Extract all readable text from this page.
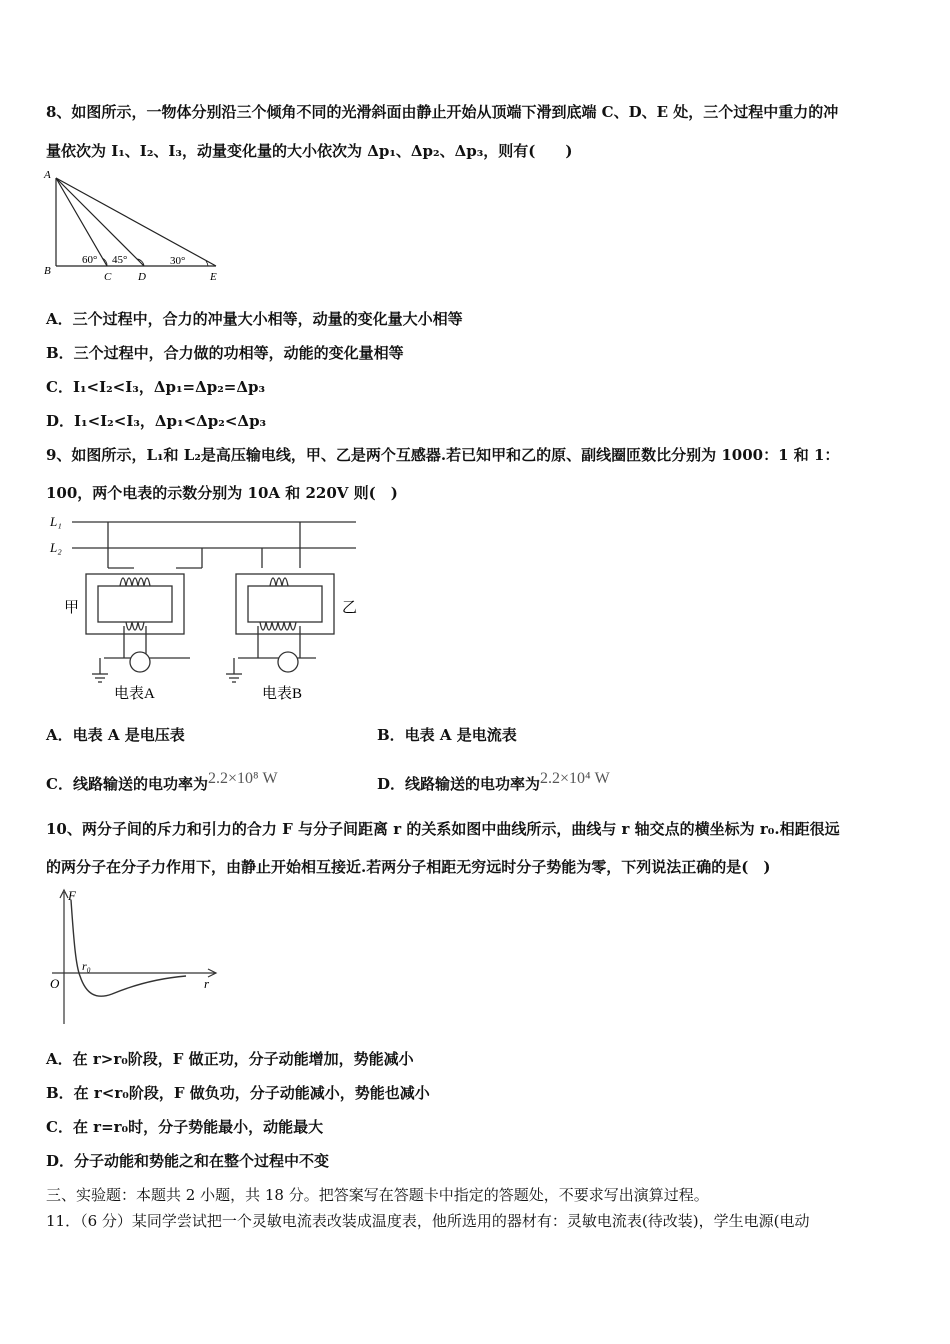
8、如图所示，一物体分别沿三个倾角不同的光滑斜面由静止开始从顶端下滑到底端 C、D、E 处，三个过程中重力的冲
量依次为 I₁、I₂、I₃，动量变化量的大小依次为 Δp₁、Δp₂、Δp₃，则有(　　)
A
B	C D	E
60° 45°	30°
A．三个过程中，合力的冲量大小相等，动量的变化量大小相等
B．三个过程中，合力做的功相等，动能的变化量相等
C．I₁<I₂<I₃，Δp₁=Δp₂=Δp₃
D．I₁<I₂<I₃，Δp₁<Δp₂<Δp₃
9、如图所示，L₁和 L₂是高压输电线，甲、乙是两个互感器.若已知甲和乙的原、副线圈匝数比分别为 1000：1 和 1：
100，两个电表的示数分别为 10A 和 220V 则(　)
L₁
L₂
甲	乙
电表A	电表B
A．电表 A 是电压表	B．电表 A 是电流表
C．线路输送的电功率为2.2×10⁸ W	D．线路输送的电功率为2.2×10⁴ W
10、两分子间的斥力和引力的合力 F 与分子间距离 r 的关系如图中曲线所示，曲线与 r 轴交点的横坐标为 r₀.相距很远
的两分子在分子力作用下，由静止开始相互接近.若两分子相距无穷远时分子势能为零，下列说法正确的是(　)
F
O
r₀
r
A．在 r>r₀阶段，F 做正功，分子动能增加，势能减小
B．在 r<r₀阶段，F 做负功，分子动能减小，势能也减小
C．在 r=r₀时，分子势能最小，动能最大
D．分子动能和势能之和在整个过程中不变
三、实验题：本题共 2 小题，共 18 分。把答案写在答题卡中指定的答题处，不要求写出演算过程。
11．（6 分）某同学尝试把一个灵敏电流表改装成温度表，他所选用的器材有：灵敏电流表(待改装)，学生电源(电动
